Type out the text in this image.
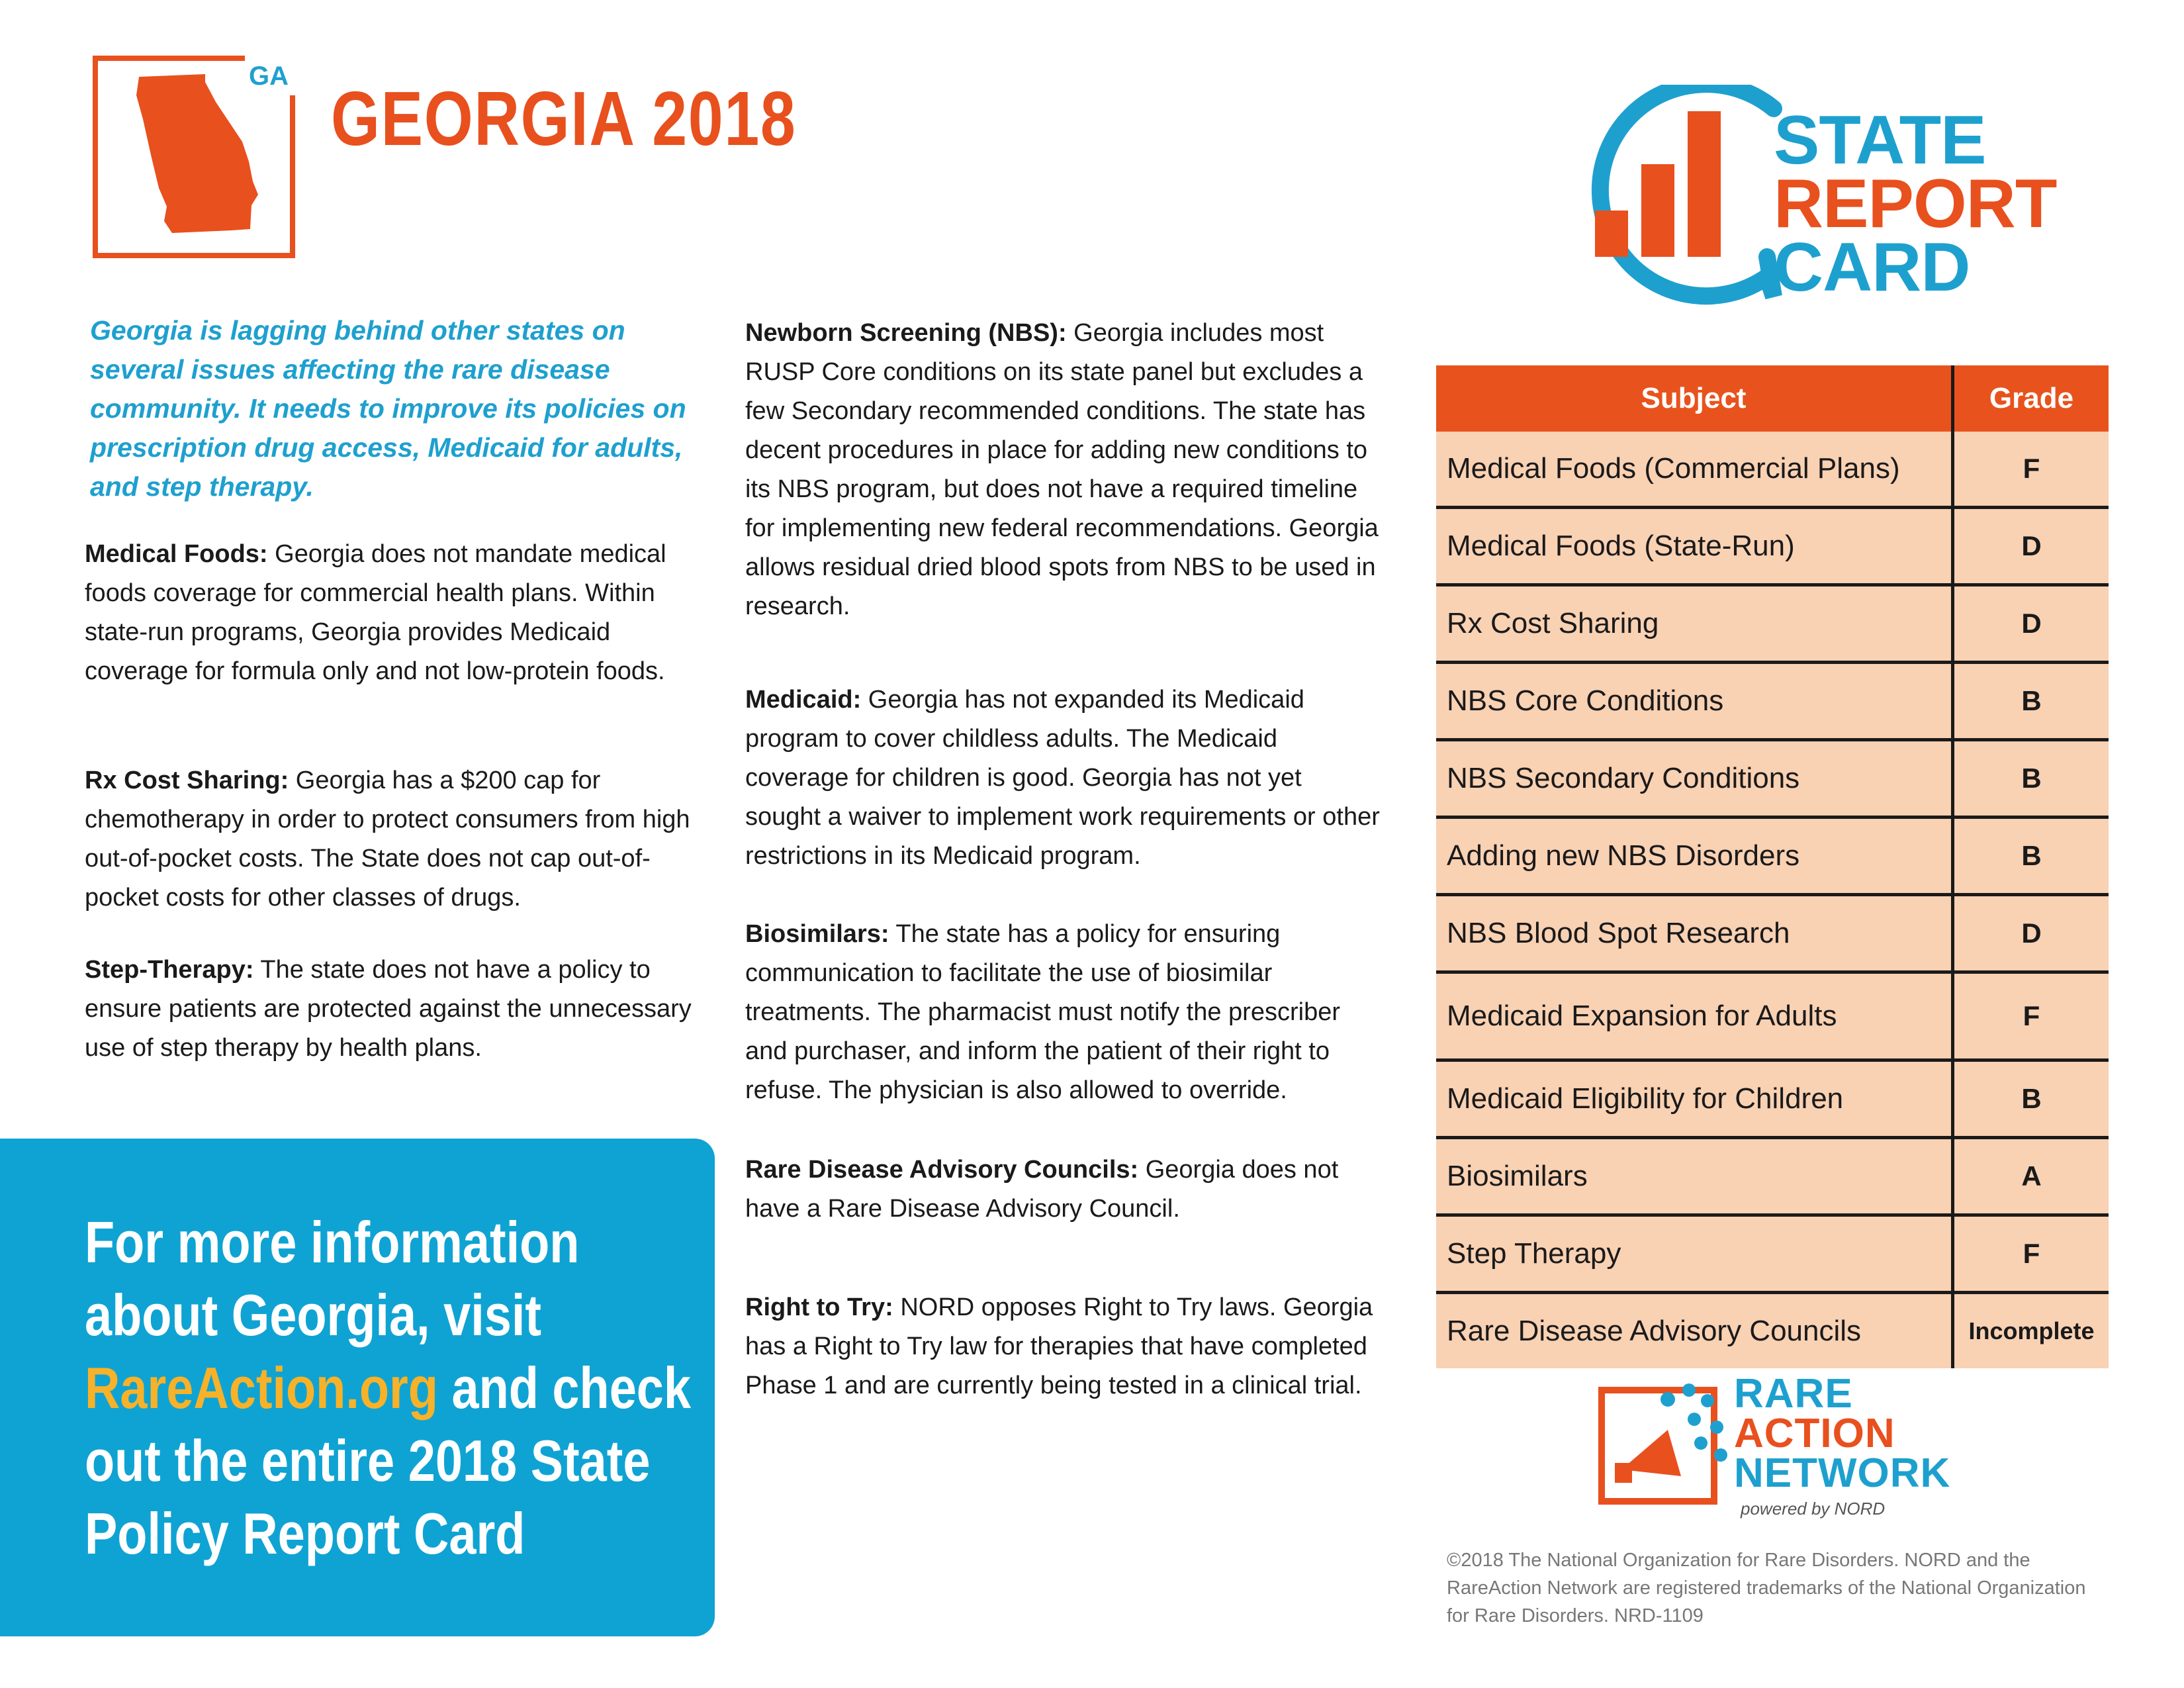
GA GEORGIA 2018	STATE
REPORT
CARD
Georgia is lagging behind other states on several issues affecting the rare disease community. It needs to improve its policies on prescription drug access, Medicaid for adults, and step therapy.
Medical Foods: Georgia does not mandate medical foods coverage for commercial health plans. Within state-run programs, Georgia provides Medicaid coverage for formula only and not low-protein foods.
Rx Cost Sharing: Georgia has a $200 cap for chemotherapy in order to protect consumers from high out-of-pocket costs. The State does not cap out-of-pocket costs for other classes of drugs.
Step-Therapy: The state does not have a policy to ensure patients are protected against the unnecessary use of step therapy by health plans.
For more information about Georgia, visit RareAction.org and check out the entire 2018 State Policy Report Card
Newborn Screening (NBS): Georgia includes most RUSP Core conditions on its state panel but excludes a few Secondary recommended conditions. The state has decent procedures in place for adding new conditions to its NBS program, but does not have a required timeline for implementing new federal recommendations. Georgia allows residual dried blood spots from NBS to be used in research.
Medicaid: Georgia has not expanded its Medicaid program to cover childless adults. The Medicaid coverage for children is good. Georgia has not yet sought a waiver to implement work requirements or other restrictions in its Medicaid program.
Biosimilars: The state has a policy for ensuring communication to facilitate the use of biosimilar treatments. The pharmacist must notify the prescriber and purchaser, and inform the patient of their right to refuse. The physician is also allowed to override.
Rare Disease Advisory Councils: Georgia does not have a Rare Disease Advisory Council.
Right to Try: NORD opposes Right to Try laws. Georgia has a Right to Try law for therapies that have completed Phase 1 and are currently being tested in a clinical trial.
Subject	Grade
Medical Foods (Commercial Plans)	F
Medical Foods (State-Run)	D
Rx Cost Sharing	D
NBS Core Conditions	B
NBS Secondary Conditions	B
Adding new NBS Disorders	B
NBS Blood Spot Research	D
Medicaid Expansion for Adults	F
Medicaid Eligibility for Children	B
Biosimilars	A
Step Therapy	F
Rare Disease Advisory Councils	Incomplete
RARE
ACTION
NETWORK
powered by NORD
©2018 The National Organization for Rare Disorders. NORD and the RareAction Network are registered trademarks of the National Organization for Rare Disorders. NRD-1109
